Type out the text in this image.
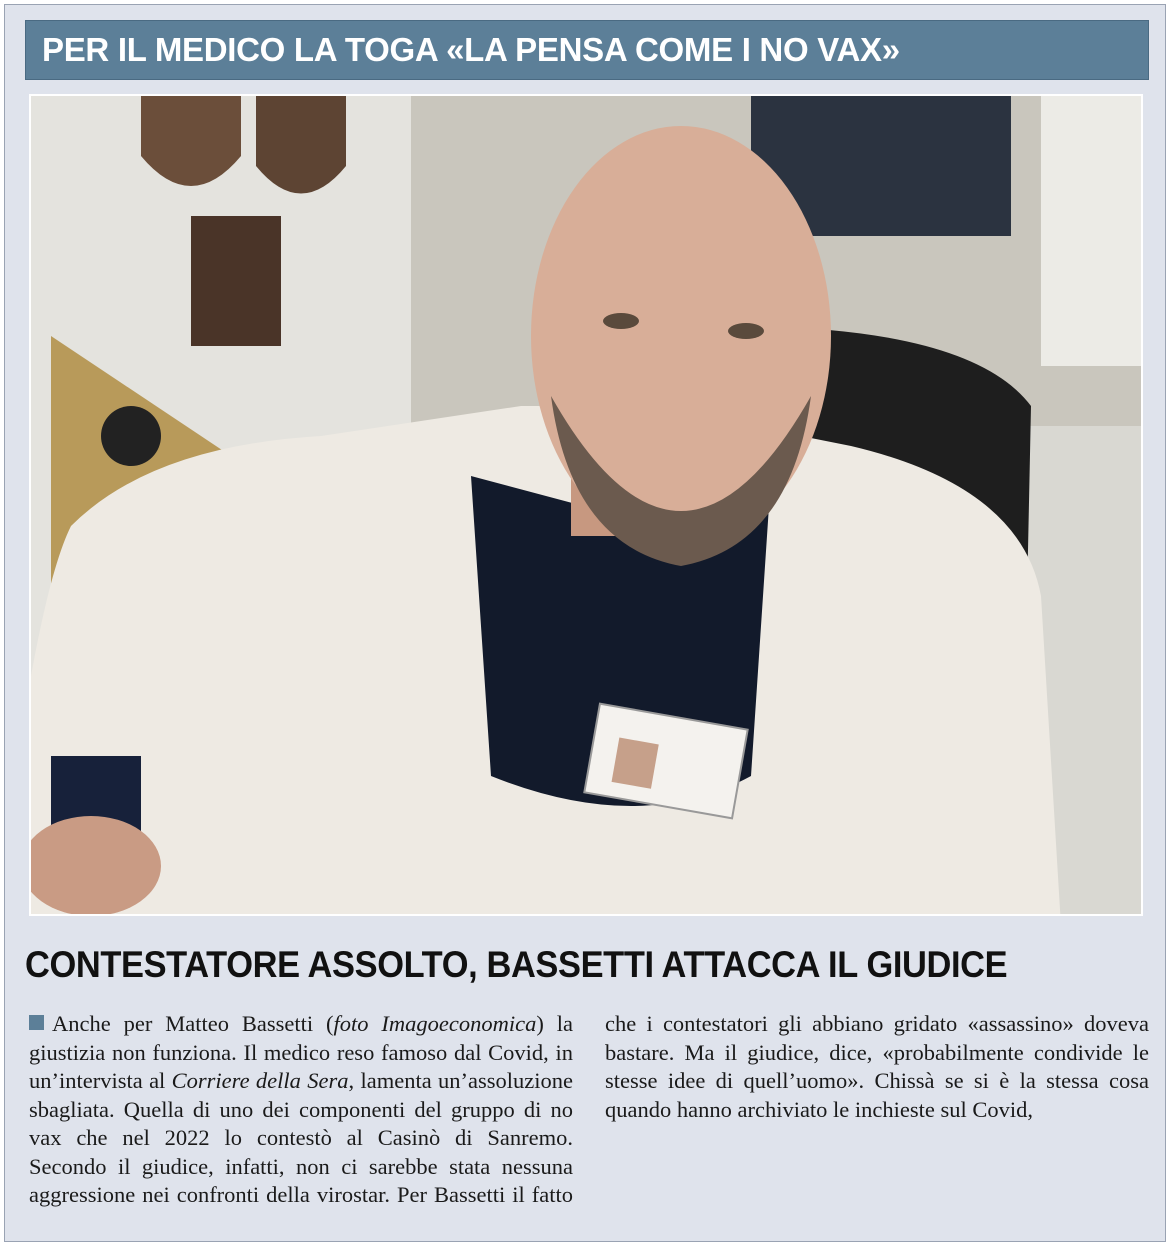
PER IL MEDICO LA TOGA «LA PENSA COME I NO VAX»
CONTESTATORE ASSOLTO, BASSETTI ATTACCA IL GIUDICE

Anche per Matteo Bassetti (foto Imagoeconomica) la giustizia non funziona. Il medico reso famoso dal Covid, in un’intervista al Corriere della Sera, lamenta un’assoluzione sbagliata. Quella di uno dei componenti del gruppo di no vax che nel 2022 lo contestò al Casinò di Sanremo. Secondo il giudice, infatti, non ci sarebbe stata nessuna aggressione nei confronti della virostar. Per Bassetti il fatto che i contestatori gli abbiano gridato «assassino» doveva bastare. Ma il giudice, dice, «probabilmente condivide le stesse idee di quell’uomo». Chissà se si è la stessa cosa quando hanno archiviato le inchieste sul Covid,
